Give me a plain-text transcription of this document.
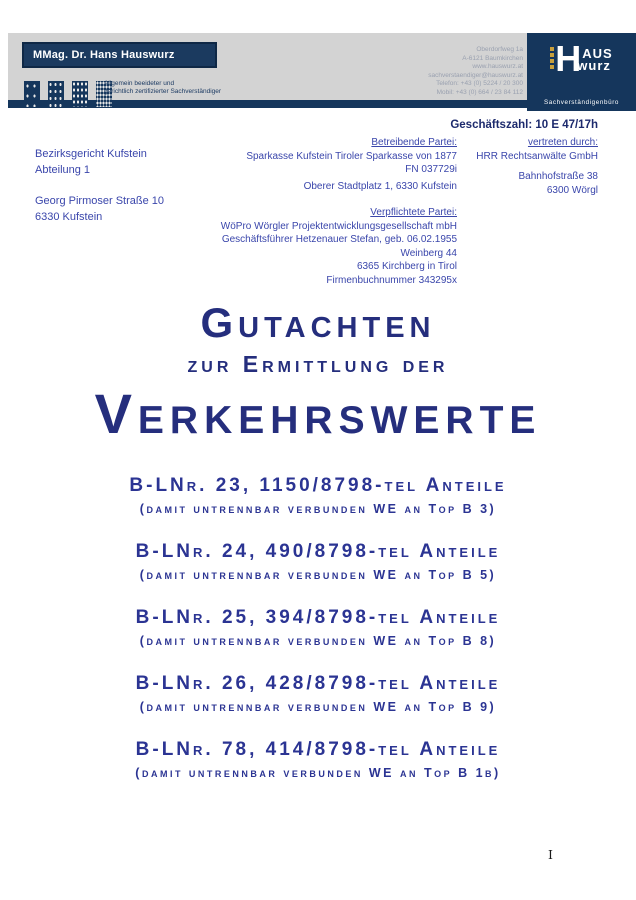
MMag. Dr. Hans Hauswurz
Allgemein beeideter und
gerichtlich zertifizierter Sachverständiger
Oberdorfweg 1a
A-6121 Baumkirchen
www.hauswurz.at
sachverstaendiger@hauswurz.at
Telefon: +43 (0) 5224 / 20 300
Mobil: +43 (0) 664 / 23 84 112
H AUS
wurz
Sachverständigenbüro
Geschäftszahl: 10 E 47/17h
Bezirksgericht Kufstein
Abteilung 1
Georg Pirmoser Straße 10
6330 Kufstein
Betreibende Partei:
Sparkasse Kufstein Tiroler Sparkasse von 1877
FN 037729i
Oberer Stadtplatz 1, 6330 Kufstein
vertreten durch:
HRR Rechtsanwälte GmbH
Bahnhofstraße 38
6300 Wörgl
Verpflichtete Partei:
WöPro Wörgler Projektentwicklungsgesellschaft mbH
Geschäftsführer Hetzenauer Stefan, geb. 06.02.1955
Weinberg 44
6365 Kirchberg in Tirol
Firmenbuchnummer 343295x
Gutachten
zur Ermittlung der
Verkehrswerte
B-LNr. 23, 1150/8798-tel Anteile
(damit untrennbar verbunden WE an Top B 3)
B-LNr. 24, 490/8798-tel Anteile
(damit untrennbar verbunden WE an Top B 5)
B-LNr. 25, 394/8798-tel Anteile
(damit untrennbar verbunden WE an Top B 8)
B-LNr. 26, 428/8798-tel Anteile
(damit untrennbar verbunden WE an Top B 9)
B-LNr. 78, 414/8798-tel Anteile
(damit untrennbar verbunden WE an Top B 1b)
I
